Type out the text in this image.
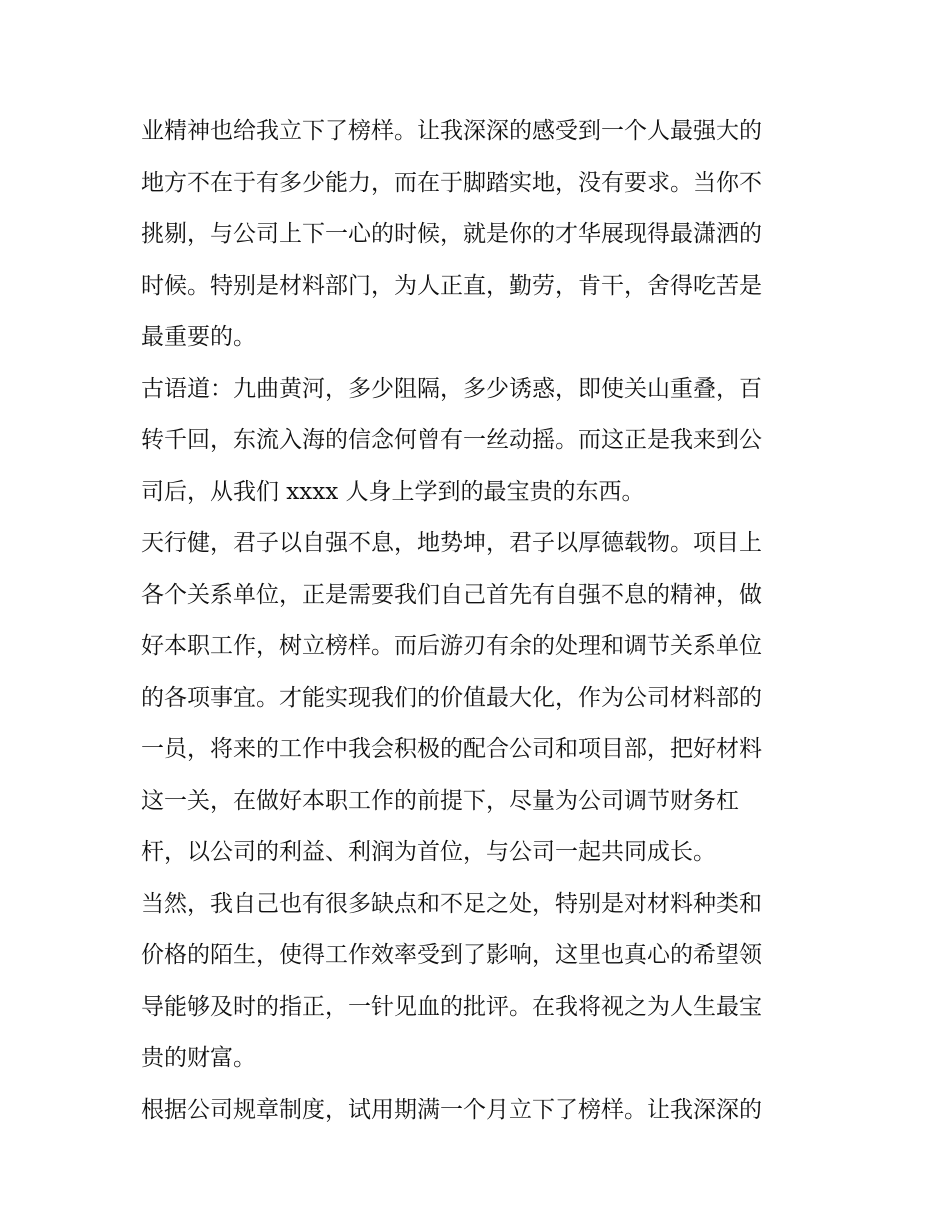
业精神也给我立下了榜样。让我深深的感受到一个人最强大的

地方不在于有多少能力，而在于脚踏实地，没有要求。当你不

挑剔，与公司上下一心的时候，就是你的才华展现得最潇洒的

时候。特别是材料部门，为人正直，勤劳，肯干，舍得吃苦是

最重要的。

古语道：九曲黄河，多少阻隔，多少诱惑，即使关山重叠，百

转千回，东流入海的信念何曾有一丝动摇。而这正是我来到公

司后，从我们 xxxx 人身上学到的最宝贵的东西。

天行健，君子以自强不息，地势坤，君子以厚德载物。项目上

各个关系单位，正是需要我们自己首先有自强不息的精神，做

好本职工作，树立榜样。而后游刃有余的处理和调节关系单位

的各项事宜。才能实现我们的价值最大化，作为公司材料部的

一员，将来的工作中我会积极的配合公司和项目部，把好材料

这一关，在做好本职工作的前提下，尽量为公司调节财务杠

杆，以公司的利益、利润为首位，与公司一起共同成长。

当然，我自己也有很多缺点和不足之处，特别是对材料种类和

价格的陌生，使得工作效率受到了影响，这里也真心的希望领

导能够及时的指正，一针见血的批评。在我将视之为人生最宝

贵的财富。

根据公司规章制度，试用期满一个月立下了榜样。让我深深的
